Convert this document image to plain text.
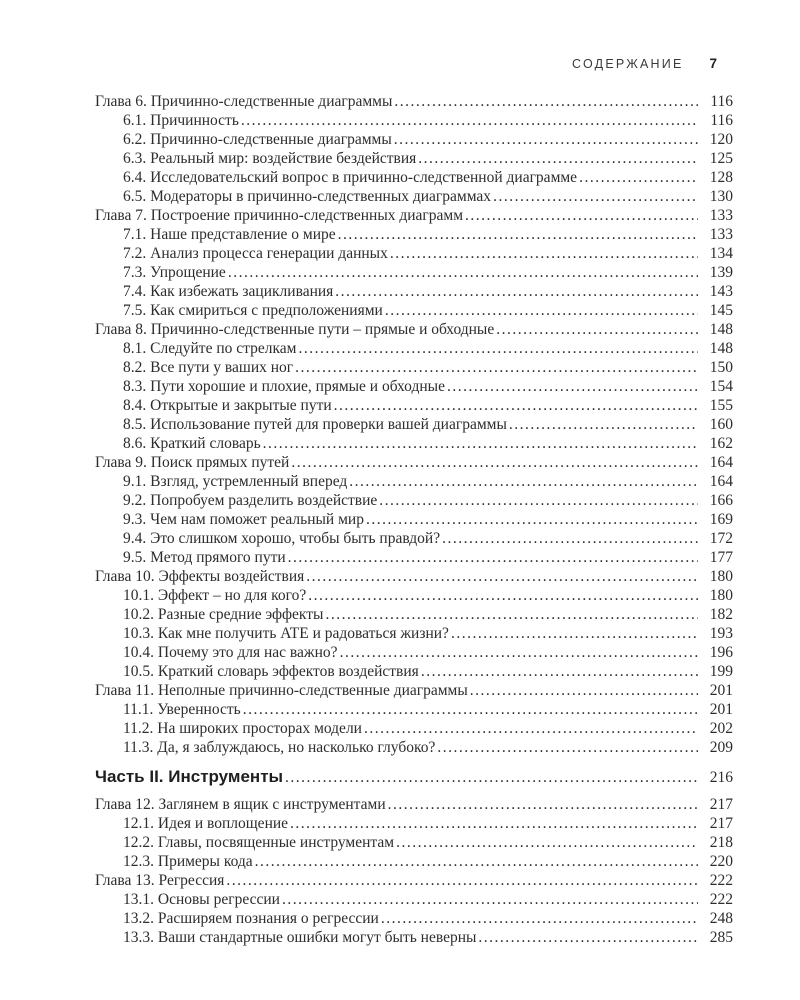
СОДЕРЖАНИЕ 7
Глава 6. Причинно-следственные диаграммы .....	116
6.1. Причинность .....	116
6.2. Причинно-следственные диаграммы .....	120
6.3. Реальный мир: воздействие бездействия .....	125
6.4. Исследовательский вопрос в причинно-следственной диаграмме .....	128
6.5. Модераторы в причинно-следственных диаграммах .....	130
Глава 7. Построение причинно-следственных диаграмм .....	133
7.1. Наше представление о мире .....	133
7.2. Анализ процесса генерации данных .....	134
7.3. Упрощение .....	139
7.4. Как избежать зацикливания .....	143
7.5. Как смириться с предположениями .....	145
Глава 8. Причинно-следственные пути – прямые и обходные .....	148
8.1. Следуйте по стрелкам .....	148
8.2. Все пути у ваших ног .....	150
8.3. Пути хорошие и плохие, прямые и обходные .....	154
8.4. Открытые и закрытые пути .....	155
8.5. Использование путей для проверки вашей диаграммы .....	160
8.6. Краткий словарь .....	162
Глава 9. Поиск прямых путей .....	164
9.1. Взгляд, устремленный вперед .....	164
9.2. Попробуем разделить воздействие .....	166
9.3. Чем нам поможет реальный мир .....	169
9.4. Это слишком хорошо, чтобы быть правдой? .....	172
9.5. Метод прямого пути .....	177
Глава 10. Эффекты воздействия .....	180
10.1. Эффект – но для кого? .....	180
10.2. Разные средние эффекты .....	182
10.3. Как мне получить ATE и радоваться жизни? .....	193
10.4. Почему это для нас важно? .....	196
10.5. Краткий словарь эффектов воздействия .....	199
Глава 11. Неполные причинно-следственные диаграммы .....	201
11.1. Уверенность .....	201
11.2. На широких просторах модели .....	202
11.3. Да, я заблуждаюсь, но насколько глубоко? .....	209
Часть II. Инструменты .....	216
Глава 12. Заглянем в ящик с инструментами .....	217
12.1. Идея и воплощение .....	217
12.2. Главы, посвященные инструментам .....	218
12.3. Примеры кода .....	220
Глава 13. Регрессия .....	222
13.1. Основы регрессии .....	222
13.2. Расширяем познания о регрессии .....	248
13.3. Ваши стандартные ошибки могут быть неверны .....	285
